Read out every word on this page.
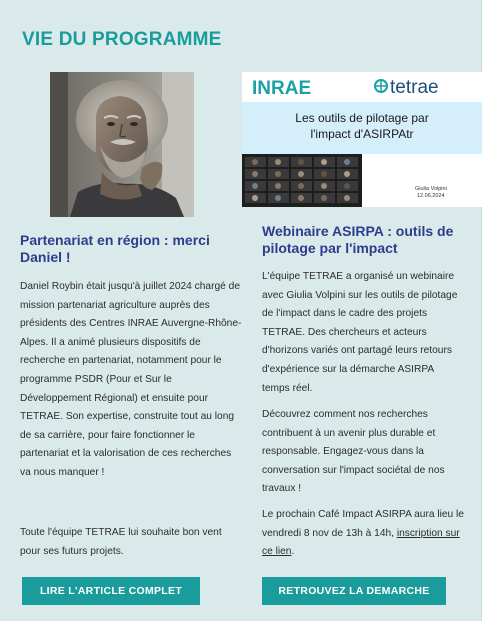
VIE DU PROGRAMME
Partenariat en région : merci Daniel !

Daniel Roybin était jusqu'à juillet 2024 chargé de mission partenariat agriculture auprès des présidents des Centres INRAE Auvergne-Rhône-Alpes. Il a animé plusieurs dispositifs de recherche en partenariat, notamment pour le programme PSDR (Pour et Sur le Développement Régional) et ensuite pour TETRAE. Son expertise, construite tout au long de sa carrière, pour faire fonctionner le partenariat et la valorisation de ces recherches va nous manquer !

Toute l'équipe TETRAE lui souhaite bon vent pour ses futurs projets.

LIRE L'ARTICLE COMPLET
INRAE	tetrae
Les outils de pilotage par
l'impact d'ASIRPAtr
Giulia Volpini
12.06.2024
Webinaire ASIRPA : outils de pilotage par l'impact

L'équipe TETRAE a organisé un webinaire avec Giulia Volpini sur les outils de pilotage de l'impact dans le cadre des projets TETRAE. Des chercheurs et acteurs d'horizons variés ont partagé leurs retours d'expérience sur la démarche ASIRPA temps réel.

Découvrez comment nos recherches contribuent à un avenir plus durable et responsable. Engagez-vous dans la conversation sur l'impact sociétal de nos travaux !

Le prochain Café Impact ASIRPA aura lieu le vendredi 8 nov de 13h à 14h, inscription sur ce lien.

RETROUVEZ LA DEMARCHE
